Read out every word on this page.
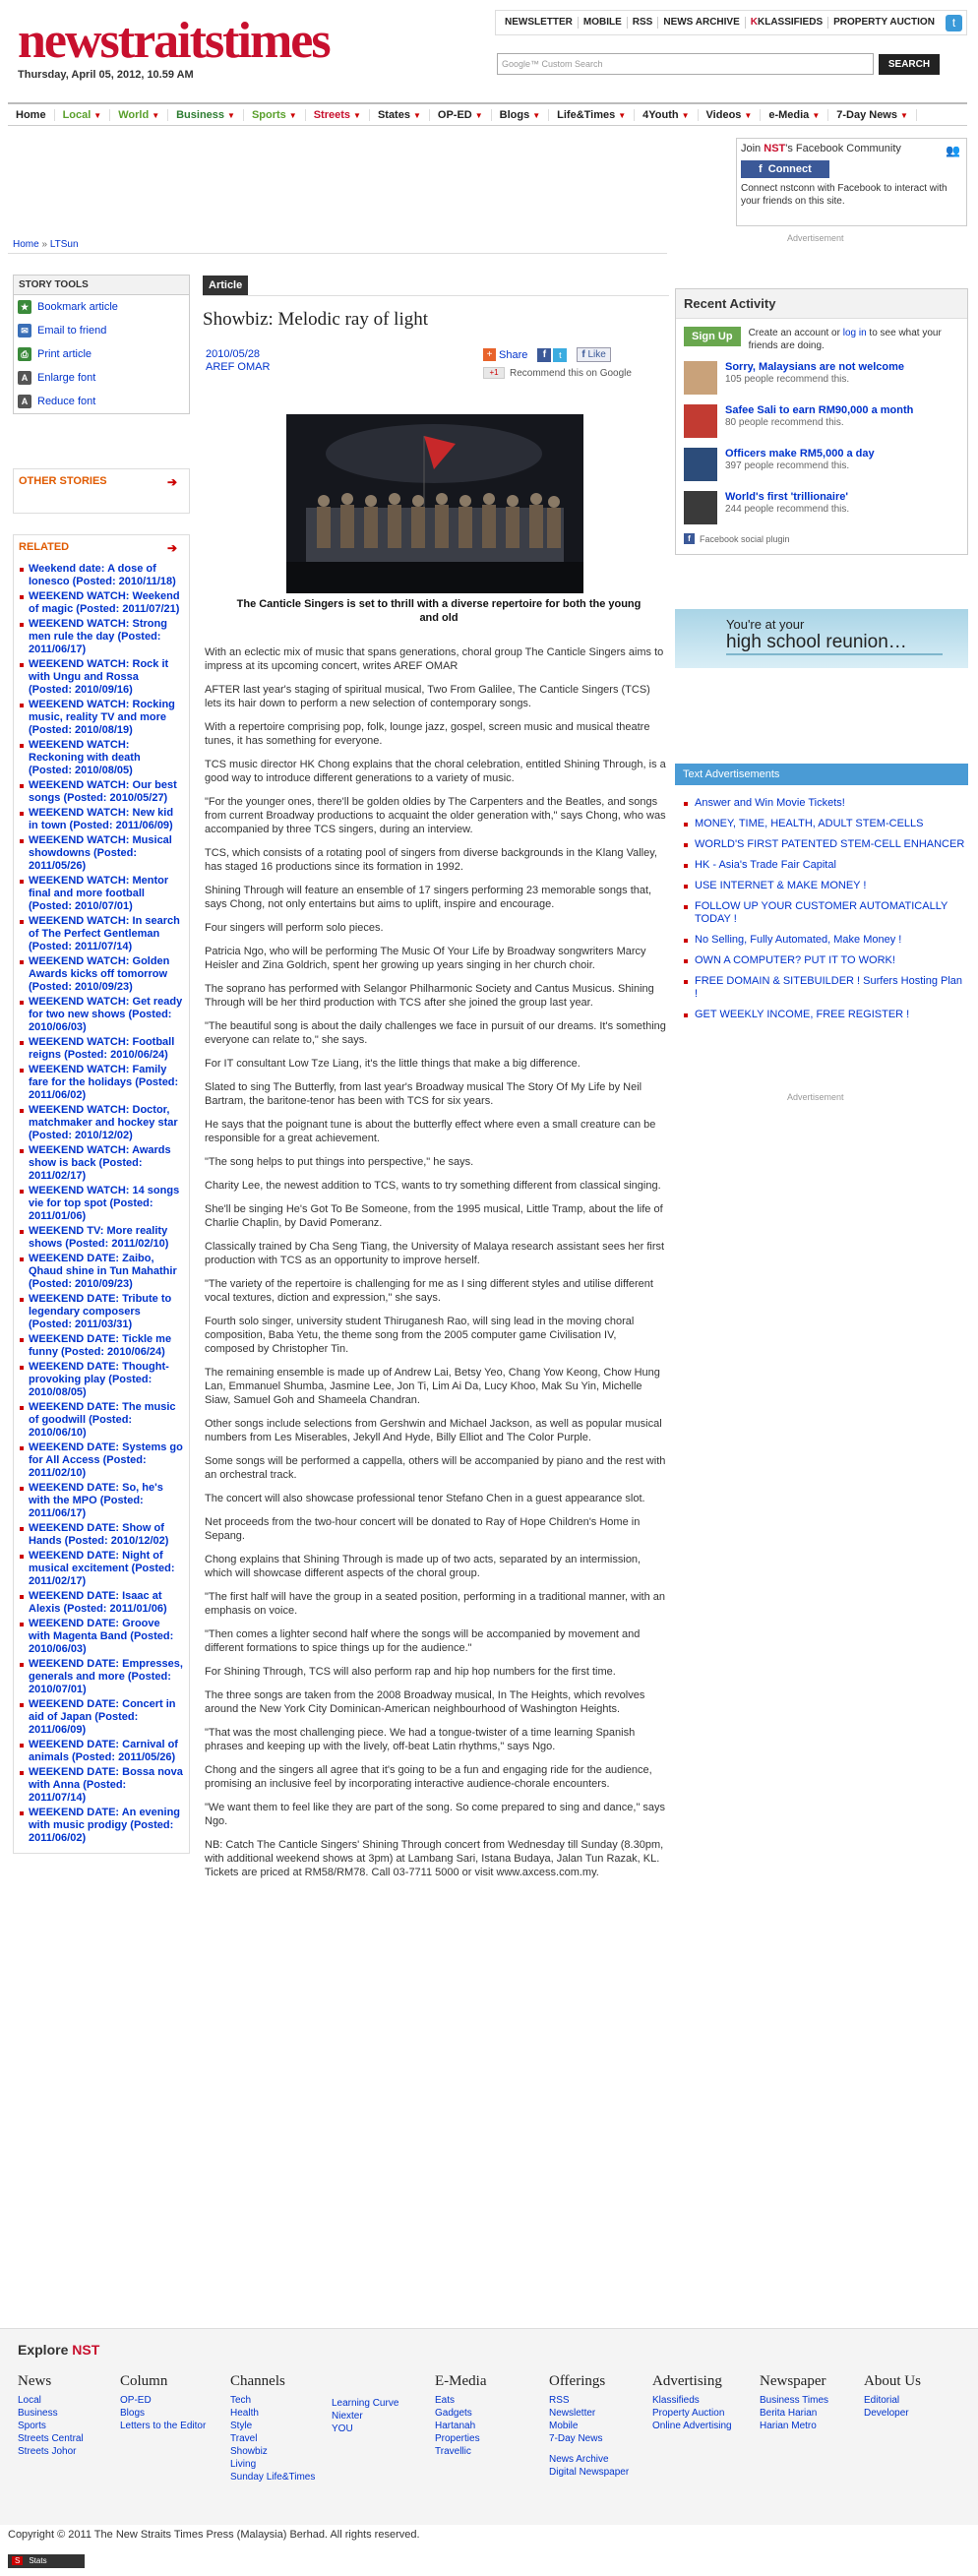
newstraitstimes
Thursday, April 05, 2012, 10.59 AM
NEWSLETTER	MOBILE	RSS	NEWS ARCHIVE	KKLASSIFIEDS	PROPERTY AUCTION	t
Google™ Custom Search	SEARCH
Home	Local ▼	World ▼	Business ▼	Sports ▼	Streets ▼	States ▼	OP-ED ▼	Blogs ▼	Life&Times ▼	4Youth ▼	Videos ▼	e-Media ▼	7-Day News ▼
👥
Join NST's Facebook Community
f  Connect
Connect nstconn with Facebook to interact with your friends on this site.
Advertisement
Home » LTSun
STORY TOOLS
★ Bookmark article
✉ Email to friend
⎙ Print article
A Enlarge font
A Reduce font
OTHER STORIES	➔
RELATED	➔
Weekend date: A dose of Ionesco (Posted: 2010/11/18)
WEEKEND WATCH: Weekend of magic (Posted: 2011/07/21)
WEEKEND WATCH: Strong men rule the day (Posted: 2011/06/17)
WEEKEND WATCH: Rock it with Ungu and Rossa (Posted: 2010/09/16)
WEEKEND WATCH: Rocking music, reality TV and more (Posted: 2010/08/19)
WEEKEND WATCH: Reckoning with death (Posted: 2010/08/05)
WEEKEND WATCH: Our best songs (Posted: 2010/05/27)
WEEKEND WATCH: New kid in town (Posted: 2011/06/09)
WEEKEND WATCH: Musical showdowns (Posted: 2011/05/26)
WEEKEND WATCH: Mentor final and more football (Posted: 2010/07/01)
WEEKEND WATCH: In search of The Perfect Gentleman (Posted: 2011/07/14)
WEEKEND WATCH: Golden Awards kicks off tomorrow (Posted: 2010/09/23)
WEEKEND WATCH: Get ready for two new shows (Posted: 2010/06/03)
WEEKEND WATCH: Football reigns (Posted: 2010/06/24)
WEEKEND WATCH: Family fare for the holidays (Posted: 2011/06/02)
WEEKEND WATCH: Doctor, matchmaker and hockey star (Posted: 2010/12/02)
WEEKEND WATCH: Awards show is back (Posted: 2011/02/17)
WEEKEND WATCH: 14 songs vie for top spot (Posted: 2011/01/06)
WEEKEND TV: More reality shows (Posted: 2011/02/10)
WEEKEND DATE: Zaibo, Qhaud shine in Tun Mahathir (Posted: 2010/09/23)
WEEKEND DATE: Tribute to legendary composers (Posted: 2011/03/31)
WEEKEND DATE: Tickle me funny (Posted: 2010/06/24)
WEEKEND DATE: Thought-provoking play (Posted: 2010/08/05)
WEEKEND DATE: The music of goodwill (Posted: 2010/06/10)
WEEKEND DATE: Systems go for All Access (Posted: 2011/02/10)
WEEKEND DATE: So, he's with the MPO (Posted: 2011/06/17)
WEEKEND DATE: Show of Hands (Posted: 2010/12/02)
WEEKEND DATE: Night of musical excitement (Posted: 2011/02/17)
WEEKEND DATE: Isaac at Alexis (Posted: 2011/01/06)
WEEKEND DATE: Groove with Magenta Band (Posted: 2010/06/03)
WEEKEND DATE: Empresses, generals and more (Posted: 2010/07/01)
WEEKEND DATE: Concert in aid of Japan (Posted: 2011/06/09)
WEEKEND DATE: Carnival of animals (Posted: 2011/05/26)
WEEKEND DATE: Bossa nova with Anna (Posted: 2011/07/14)
WEEKEND DATE: An evening with music prodigy (Posted: 2011/06/02)
Article
Showbiz: Melodic ray of light
2010/05/28
AREF OMAR
+ Share	f	t	f Like
+1	Recommend this on Google
The Canticle Singers is set to thrill with a diverse repertoire for both the young and old

With an eclectic mix of music that spans generations, choral group The Canticle Singers aims to impress at its upcoming concert, writes AREF OMAR

AFTER last year's staging of spiritual musical, Two From Galilee, The Canticle Singers (TCS) lets its hair down to perform a new selection of contemporary songs.

With a repertoire comprising pop, folk, lounge jazz, gospel, screen music and musical theatre tunes, it has something for everyone.

TCS music director HK Chong explains that the choral celebration, entitled Shining Through, is a good way to introduce different generations to a variety of music.

"For the younger ones, there'll be golden oldies by The Carpenters and the Beatles, and songs from current Broadway productions to acquaint the older generation with," says Chong, who was accompanied by three TCS singers, during an interview.

TCS, which consists of a rotating pool of singers from diverse backgrounds in the Klang Valley, has staged 16 productions since its formation in 1992.

Shining Through will feature an ensemble of 17 singers performing 23 memorable songs that, says Chong, not only entertains but aims to uplift, inspire and encourage.

Four singers will perform solo pieces.

Patricia Ngo, who will be performing The Music Of Your Life by Broadway songwriters Marcy Heisler and Zina Goldrich, spent her growing up years singing in her church choir.

The soprano has performed with Selangor Philharmonic Society and Cantus Musicus. Shining Through will be her third production with TCS after she joined the group last year.

"The beautiful song is about the daily challenges we face in pursuit of our dreams. It's something everyone can relate to," she says.

For IT consultant Low Tze Liang, it's the little things that make a big difference.

Slated to sing The Butterfly, from last year's Broadway musical The Story Of My Life by Neil Bartram, the baritone-tenor has been with TCS for six years.

He says that the poignant tune is about the butterfly effect where even a small creature can be responsible for a great achievement.

"The song helps to put things into perspective," he says.

Charity Lee, the newest addition to TCS, wants to try something different from classical singing.

She'll be singing He's Got To Be Someone, from the 1995 musical, Little Tramp, about the life of Charlie Chaplin, by David Pomeranz.

Classically trained by Cha Seng Tiang, the University of Malaya research assistant sees her first production with TCS as an opportunity to improve herself.

"The variety of the repertoire is challenging for me as I sing different styles and utilise different vocal textures, diction and expression," she says.

Fourth solo singer, university student Thiruganesh Rao, will sing lead in the moving choral composition, Baba Yetu, the theme song from the 2005 computer game Civilisation IV, composed by Christopher Tin.

The remaining ensemble is made up of Andrew Lai, Betsy Yeo, Chang Yow Keong, Chow Hung Lan, Emmanuel Shumba, Jasmine Lee, Jon Ti, Lim Ai Da, Lucy Khoo, Mak Su Yin, Michelle Siaw, Samuel Goh and Shameela Chandran.

Other songs include selections from Gershwin and Michael Jackson, as well as popular musical numbers from Les Miserables, Jekyll And Hyde, Billy Elliot and The Color Purple.

Some songs will be performed a cappella, others will be accompanied by piano and the rest with an orchestral track.

The concert will also showcase professional tenor Stefano Chen in a guest appearance slot.

Net proceeds from the two-hour concert will be donated to Ray of Hope Children's Home in Sepang.

Chong explains that Shining Through is made up of two acts, separated by an intermission, which will showcase different aspects of the choral group.

"The first half will have the group in a seated position, performing in a traditional manner, with an emphasis on voice.

"Then comes a lighter second half where the songs will be accompanied by movement and different formations to spice things up for the audience."

For Shining Through, TCS will also perform rap and hip hop numbers for the first time.

The three songs are taken from the 2008 Broadway musical, In The Heights, which revolves around the New York City Dominican-American neighbourhood of Washington Heights.

"That was the most challenging piece. We had a tongue-twister of a time learning Spanish phrases and keeping up with the lively, off-beat Latin rhythms," says Ngo.

Chong and the singers all agree that it's going to be a fun and engaging ride for the audience, promising an inclusive feel by incorporating interactive audience-chorale encounters.

"We want them to feel like they are part of the song. So come prepared to sing and dance," says Ngo.

NB: Catch The Canticle Singers' Shining Through concert from Wednesday till Sunday (8.30pm, with additional weekend shows at 3pm) at Lambang Sari, Istana Budaya, Jalan Tun Razak, KL. Tickets are priced at RM58/RM78. Call 03-7711 5000 or visit www.axcess.com.my.

Recent Activity
Sign Up	Create an account or log in to see what your friends are doing.
Sorry, Malaysians are not welcome
105 people recommend this.
Safee Sali to earn RM90,000 a month
80 people recommend this.
Officers make RM5,000 a day
397 people recommend this.
World's first 'trillionaire'
244 people recommend this.
f	Facebook social plugin
You're at your
high school reunion…
Text Advertisements
Answer and Win Movie Tickets!
MONEY, TIME, HEALTH, ADULT STEM-CELLS
WORLD'S FIRST PATENTED STEM-CELL ENHANCER
HK - Asia's Trade Fair Capital
USE INTERNET & MAKE MONEY !
FOLLOW UP YOUR CUSTOMER AUTOMATICALLY TODAY !
No Selling, Fully Automated, Make Money !
OWN A COMPUTER? PUT IT TO WORK!
FREE DOMAIN & SITEBUILDER ! Surfers Hosting Plan !
GET WEEKLY INCOME, FREE REGISTER !
Advertisement
Explore NST
News
Local
Business
Sports
Streets Central
Streets Johor
Column
OP-ED
Blogs
Letters to the Editor
Channels
Tech
Health
Style
Travel
Showbiz
Living
Sunday Life&Times
Learning Curve
Niexter
YOU
E-Media
Eats
Gadgets
Hartanah
Properties
Travellic
Offerings
RSS
Newsletter
Mobile
7-Day News
News Archive
Digital Newspaper
Advertising
Klassifieds
Property Auction
Online Advertising
Newspaper
Business Times
Berita Harian
Harian Metro
About Us
Editorial
Developer
Copyright © 2011 The New Straits Times Press (Malaysia) Berhad. All rights reserved.
S Stats
